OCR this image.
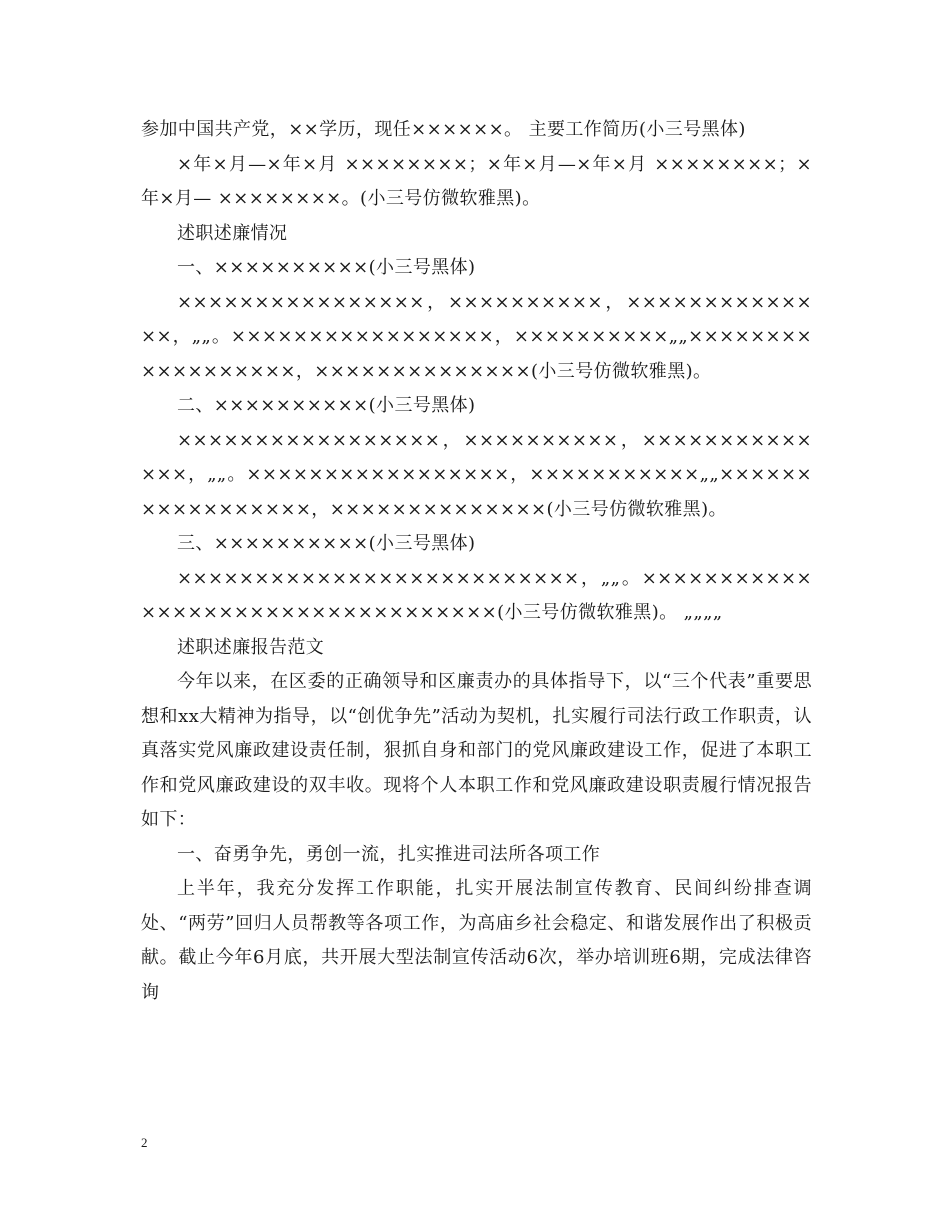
参加中国共产党，××学历，现任××××××。 主要工作简历(小三号黑体)

×年×月—×年×月 ××××××××；×年×月—×年×月 ××××××××；×年×月— ××××××××。(小三号仿微软雅黑)。

述职述廉情况

一、××××××××××(小三号黑体)

××××××××××××××××，××××××××××，××××××××××××××，„„。×××××××××××××××××，××××××××××„„××××××××××××××××××，××××××××××××××(小三号仿微软雅黑)。

二、××××××××××(小三号黑体)

×××××××××××××××××，××××××××××，××××××××××××××，„„。×××××××××××××××××，×××××××××××„„×××××××××××××××××，××××××××××××××(小三号仿微软雅黑)。

三、××××××××××(小三号黑体)

××××××××××××××××××××××××××，„„。××××××××××××××××××××××××××××××××××(小三号仿微软雅黑)。 „„„„

述职述廉报告范文

今年以来，在区委的正确领导和区廉责办的具体指导下，以“三个代表”重要思想和xx大精神为指导，以“创优争先”活动为契机，扎实履行司法行政工作职责，认真落实党风廉政建设责任制，狠抓自身和部门的党风廉政建设工作，促进了本职工作和党风廉政建设的双丰收。现将个人本职工作和党风廉政建设职责履行情况报告如下：

一、奋勇争先，勇创一流，扎实推进司法所各项工作

上半年，我充分发挥工作职能，扎实开展法制宣传教育、民间纠纷排查调处、“两劳”回归人员帮教等各项工作，为高庙乡社会稳定、和谐发展作出了积极贡献。截止今年6月底，共开展大型法制宣传活动6次，举办培训班6期，完成法律咨询

2
